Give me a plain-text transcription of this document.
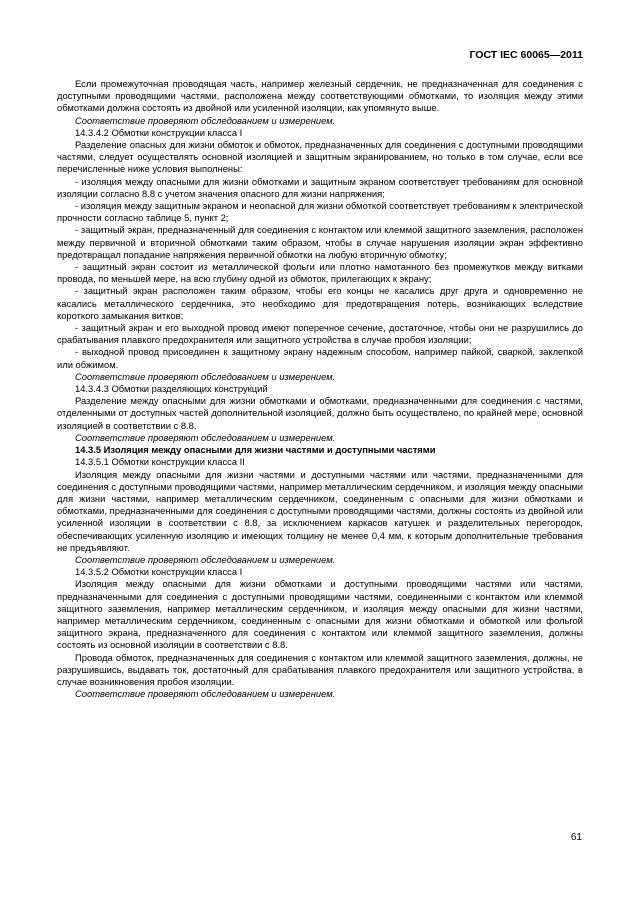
ГОСТ IEC 60065—2011

Если промежуточная проводящая часть, например железный сердечник, не предназначенная для соединения с доступными проводящими частями, расположена между соответствующими обмотками, то изоляция между этими обмотками должна состоять из двойной или усиленной изоляции, как упомянуто выше.

Соответствие проверяют обследованием и измерением.

14.3.4.2 Обмотки конструкции класса I

Разделение опасных для жизни обмоток и обмоток, предназначенных для соединения с доступными проводящими частями, следует осуществлять основной изоляцией и защитным экранированием, но только в том случае, если все перечисленные ниже условия выполнены:

- изоляция между опасными для жизни обмотками и защитным экраном соответствует требованиям для основной изоляции согласно 8.8 с учетом значения опасного для жизни напряжения;

- изоляция между защитным экраном и неопасной для жизни обмоткой соответствует требованиям к электрической прочности согласно таблице 5, пункт 2;

- защитный экран, предназначенный для соединения с контактом или клеммой защитного заземления, расположен между первичной и вторичной обмотками таким образом, чтобы в случае нарушения изоляции экран эффективно предотвращал попадание напряжения первичной обмотки на любую вторичную обмотку;

- защитный экран состоит из металлической фольги или плотно намотанного без промежутков между витками провода, по меньшей мере, на всю глубину одной из обмоток, прилегающих к экрану;

- защитный экран расположен таким образом, чтобы его концы не касались друг друга и одновременно не касались металлического сердечника, это необходимо для предотвращения потерь, возникающих вследствие короткого замыкания витков;

- защитный экран и его выходной провод имеют поперечное сечение, достаточное, чтобы они не разрушились до срабатывания плавкого предохранителя или защитного устройства в случае пробоя изоляции;

- выходной провод присоединен к защитному экрану надежным способом, например пайкой, сваркой, заклепкой или обжимом.

Соответствие проверяют обследованием и измерением.

14.3.4.3 Обмотки разделяющих конструкций

Разделение между опасными для жизни обмотками и обмотками, предназначенными для соединения с частями, отделенными от доступных частей дополнительной изоляцией, должно быть осуществлено, по крайней мере, основной изоляцией в соответствии с 8.8.

Соответствие проверяют обследованием и измерением.

14.3.5 Изоляция между опасными для жизни частями и доступными частями

14.3.5.1 Обмотки конструкции класса II

Изоляция между опасными для жизни частями и доступными частями или частями, предназначенными для соединения с доступными проводящими частями, например металлическим сердечником, и изоляция между опасными для жизни частями, например металлическим сердечником, соединенным с опасными для жизни обмотками и обмотками, предназначенными для соединения с доступными проводящими частями, должны состоять из двойной или усиленной изоляции в соответствии с 8.8, за исключением каркасов катушек и разделительных перегородок, обеспечивающих усиленную изоляцию и имеющих толщину не менее 0,4 мм, к которым дополнительные требования не предъявляют.

Соответствие проверяют обследованием и измерением.

14.3.5.2 Обмотки конструкции класса I

Изоляция между опасными для жизни обмотками и доступными проводящими частями или частями, предназначенными для соединения с доступными проводящими частями, соединенными с контактом или клеммой защитного заземления, например металлическим сердечником, и изоляция между опасными для жизни частями, например металлическим сердечником, соединенным с опасными для жизни обмотками и обмоткой или фольгой защитного экрана, предназначенного для соединения с контактом или клеммой защитного заземления, должны состоять из основной изоляции в соответствии с 8.8.

Провода обмоток, предназначенных для соединения с контактом или клеммой защитного заземления, должны, не разрушившись, выдавать ток, достаточный для срабатывания плавкого предохранителя или защитного устройства, в случае возникновения пробоя изоляции.

Соответствие проверяют обследованием и измерением.

61
